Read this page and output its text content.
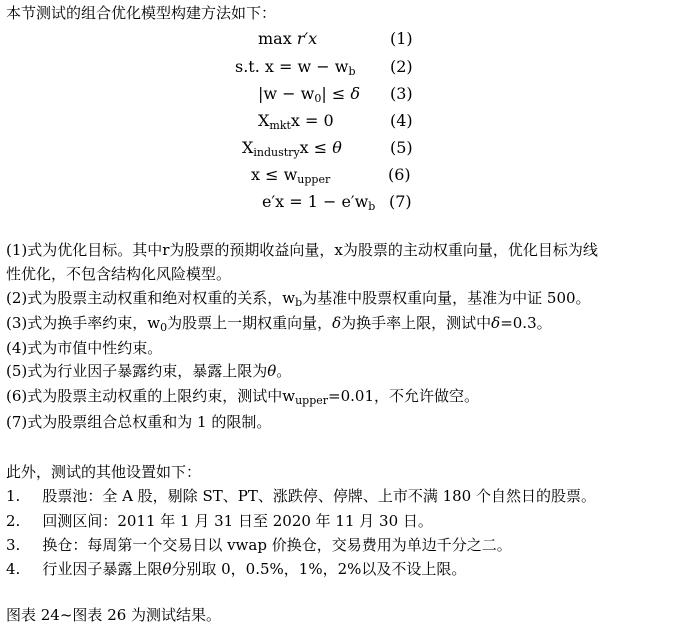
本节测试的组合优化模型构建方法如下：
max r′x	(1)
s.t. $x = w - w_b$ (2)
$|w - w_0| \le \delta$ (3)
$X_{mkt}x = 0$	(4)
$X_{industry}x \le \theta$	(5)
$x \le w_{upper}$	(6)
$e'x = 1 - e'w_b$ (7)
(1)式为优化目标。其中r为股票的预期收益向量，x为股票的主动权重向量，优化目标为线
性优化，不包含结构化风险模型。
(2)式为股票主动权重和绝对权重的关系，$w_b$为基准中股票权重向量，基准为中证 500。
(3)式为换手率约束，$w_0$为股票上一期权重向量，δ为换手率上限，测试中δ=0.3。
(4)式为市值中性约束。
(5)式为行业因子暴露约束，暴露上限为θ。
(6)式为股票主动权重的上限约束，测试中$w_{upper}=0.01$，不允许做空。
(7)式为股票组合总权重和为 1 的限制。
此外，测试的其他设置如下：
1. 股票池：全 A 股，剔除 ST、PT、涨跌停、停牌、上市不满 180 个自然日的股票。
2. 回测区间：2011 年 1 月 31 日至 2020 年 11 月 30 日。
3. 换仓：每周第一个交易日以 vwap 价换仓，交易费用为单边千分之二。
4. 行业因子暴露上限θ分别取 0，0.5%，1%，2%以及不设上限。
图表 24~图表 26 为测试结果。
